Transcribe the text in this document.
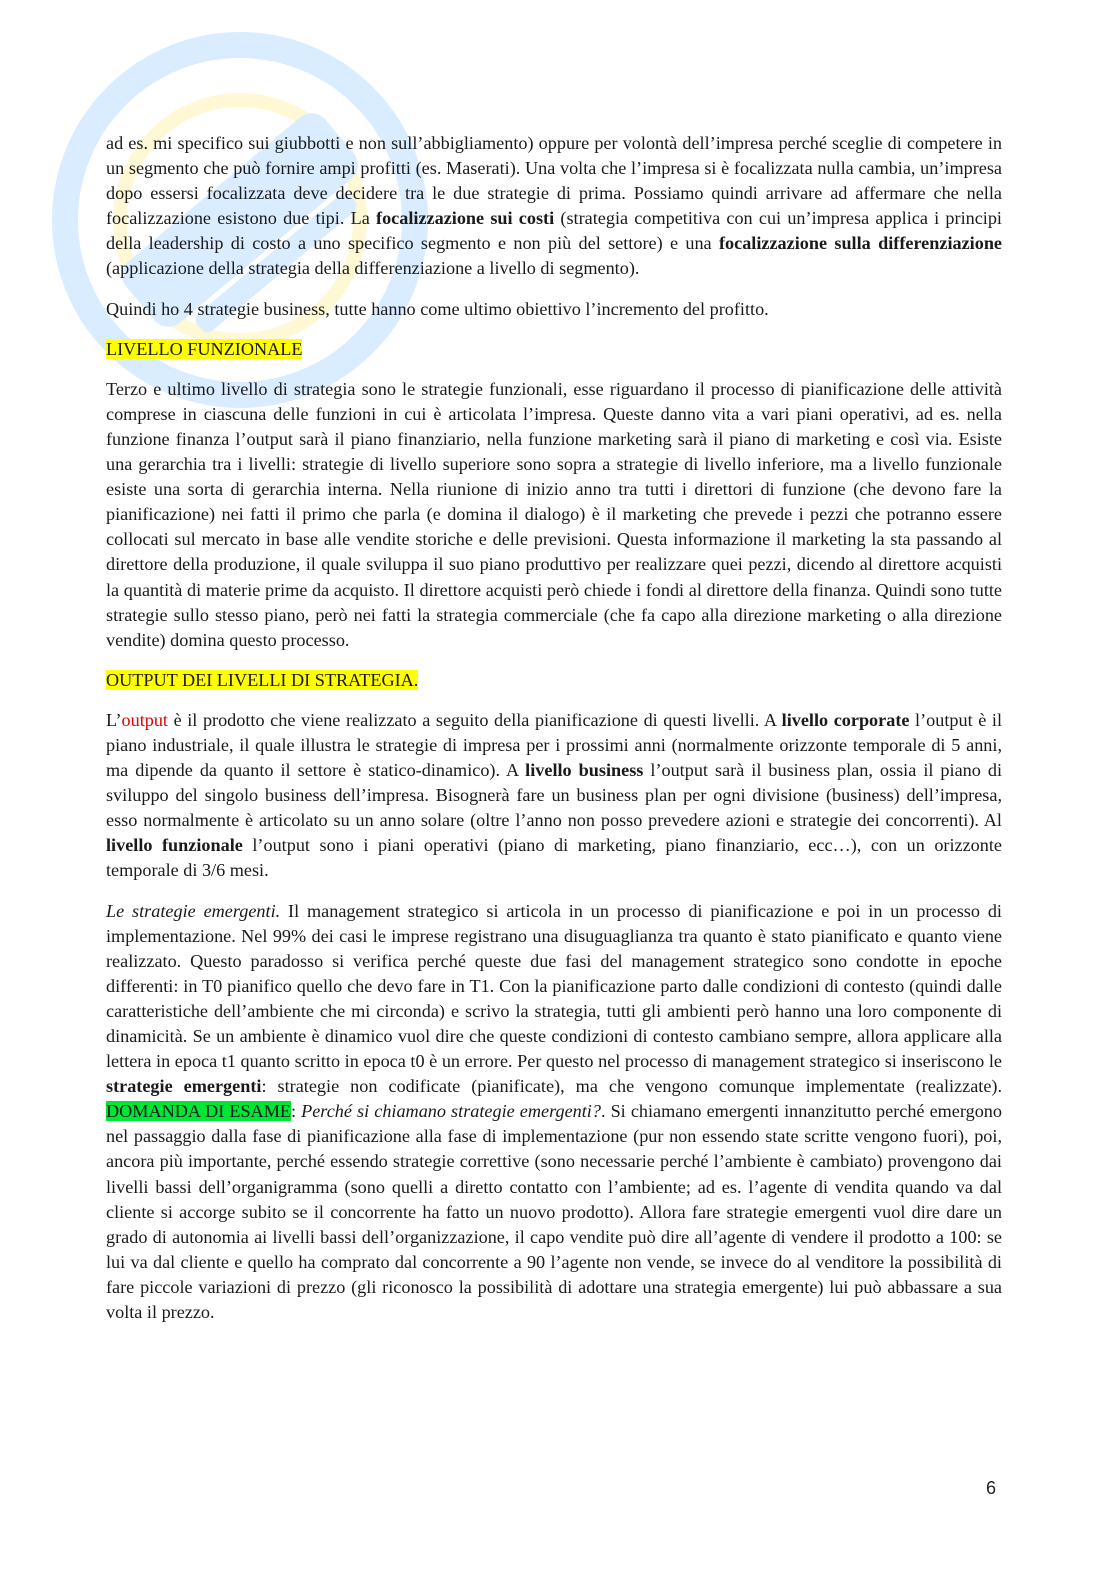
ad es. mi specifico sui giubbotti e non sull’abbigliamento) oppure per volontà dell’impresa perché sceglie di competere in un segmento che può fornire ampi profitti (es. Maserati). Una volta che l’impresa si è focalizzata nulla cambia, un’impresa dopo essersi focalizzata deve decidere tra le due strategie di prima. Possiamo quindi arrivare ad affermare che nella focalizzazione esistono due tipi. La focalizzazione sui costi (strategia competitiva con cui un’impresa applica i principi della leadership di costo a uno specifico segmento e non più del settore) e una focalizzazione sulla differenziazione (applicazione della strategia della differenziazione a livello di segmento).

Quindi ho 4 strategie business, tutte hanno come ultimo obiettivo l’incremento del profitto.

LIVELLO FUNZIONALE

Terzo e ultimo livello di strategia sono le strategie funzionali, esse riguardano il processo di pianificazione delle attività comprese in ciascuna delle funzioni in cui è articolata l’impresa. Queste danno vita a vari piani operativi, ad es. nella funzione finanza l’output sarà il piano finanziario, nella funzione marketing sarà il piano di marketing e così via. Esiste una gerarchia tra i livelli: strategie di livello superiore sono sopra a strategie di livello inferiore, ma a livello funzionale esiste una sorta di gerarchia interna. Nella riunione di inizio anno tra tutti i direttori di funzione (che devono fare la pianificazione) nei fatti il primo che parla (e domina il dialogo) è il marketing che prevede i pezzi che potranno essere collocati sul mercato in base alle vendite storiche e delle previsioni. Questa informazione il marketing la sta passando al direttore della produzione, il quale sviluppa il suo piano produttivo per realizzare quei pezzi, dicendo al direttore acquisti la quantità di materie prime da acquisto. Il direttore acquisti però chiede i fondi al direttore della finanza. Quindi sono tutte strategie sullo stesso piano, però nei fatti la strategia commerciale (che fa capo alla direzione marketing o alla direzione vendite) domina questo processo.

OUTPUT DEI LIVELLI DI STRATEGIA.

L’output è il prodotto che viene realizzato a seguito della pianificazione di questi livelli. A livello corporate l’output è il piano industriale, il quale illustra le strategie di impresa per i prossimi anni (normalmente orizzonte temporale di 5 anni, ma dipende da quanto il settore è statico-dinamico). A livello business l’output sarà il business plan, ossia il piano di sviluppo del singolo business dell’impresa. Bisognerà fare un business plan per ogni divisione (business) dell’impresa, esso normalmente è articolato su un anno solare (oltre l’anno non posso prevedere azioni e strategie dei concorrenti). Al livello funzionale l’output sono i piani operativi (piano di marketing, piano finanziario, ecc…), con un orizzonte temporale di 3/6 mesi.

Le strategie emergenti. Il management strategico si articola in un processo di pianificazione e poi in un processo di implementazione. Nel 99% dei casi le imprese registrano una disuguaglianza tra quanto è stato pianificato e quanto viene realizzato. Questo paradosso si verifica perché queste due fasi del management strategico sono condotte in epoche differenti: in T0 pianifico quello che devo fare in T1. Con la pianificazione parto dalle condizioni di contesto (quindi dalle caratteristiche dell’ambiente che mi circonda) e scrivo la strategia, tutti gli ambienti però hanno una loro componente di dinamicità. Se un ambiente è dinamico vuol dire che queste condizioni di contesto cambiano sempre, allora applicare alla lettera in epoca t1 quanto scritto in epoca t0 è un errore. Per questo nel processo di management strategico si inseriscono le strategie emergenti: strategie non codificate (pianificate), ma che vengono comunque implementate (realizzate). DOMANDA DI ESAME: Perché si chiamano strategie emergenti?. Si chiamano emergenti innanzitutto perché emergono nel passaggio dalla fase di pianificazione alla fase di implementazione (pur non essendo state scritte vengono fuori), poi, ancora più importante, perché essendo strategie correttive (sono necessarie perché l’ambiente è cambiato) provengono dai livelli bassi dell’organigramma (sono quelli a diretto contatto con l’ambiente; ad es. l’agente di vendita quando va dal cliente si accorge subito se il concorrente ha fatto un nuovo prodotto). Allora fare strategie emergenti vuol dire dare un grado di autonomia ai livelli bassi dell’organizzazione, il capo vendite può dire all’agente di vendere il prodotto a 100: se lui va dal cliente e quello ha comprato dal concorrente a 90 l’agente non vende, se invece do al venditore la possibilità di fare piccole variazioni di prezzo (gli riconosco la possibilità di adottare una strategia emergente) lui può abbassare a sua volta il prezzo.

6
